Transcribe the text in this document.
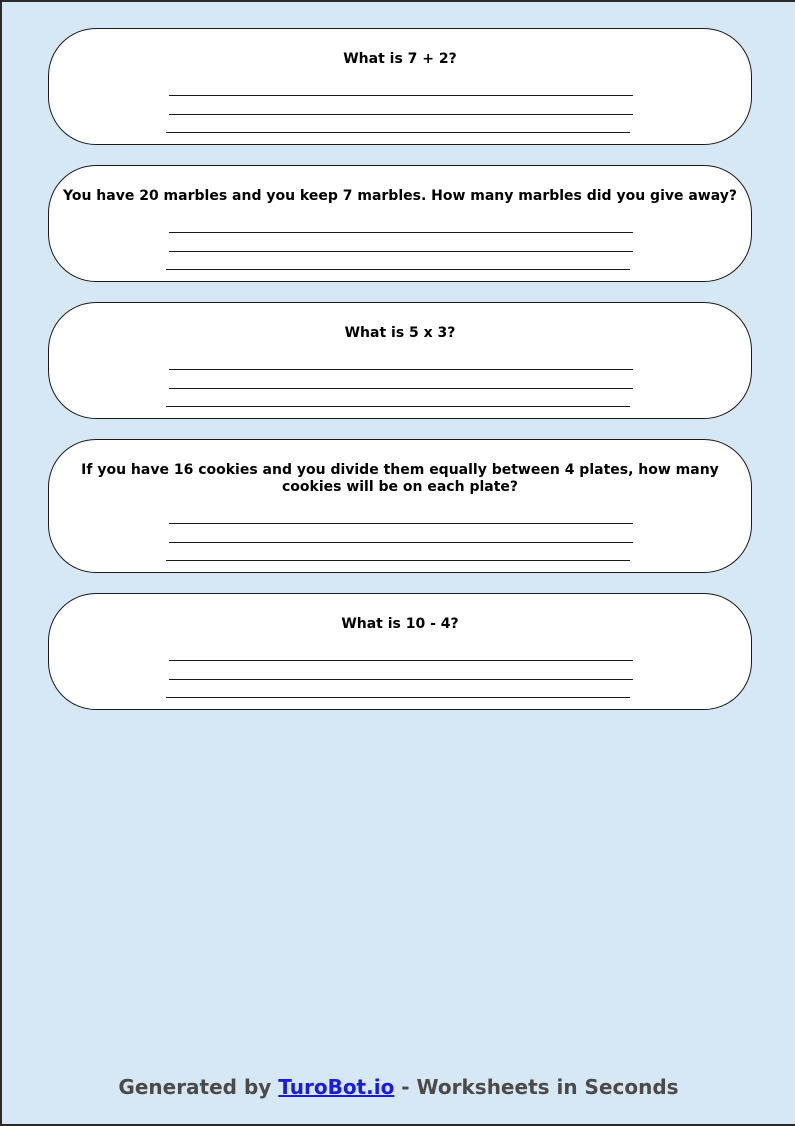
What is 7 + 2?

You have 20 marbles and you keep 7 marbles. How many marbles did you give away?

What is 5 x 3?

If you have 16 cookies and you divide them equally between 4 plates, how many cookies will be on each plate?

What is 10 - 4?

Generated by TuroBot.io - Worksheets in Seconds
